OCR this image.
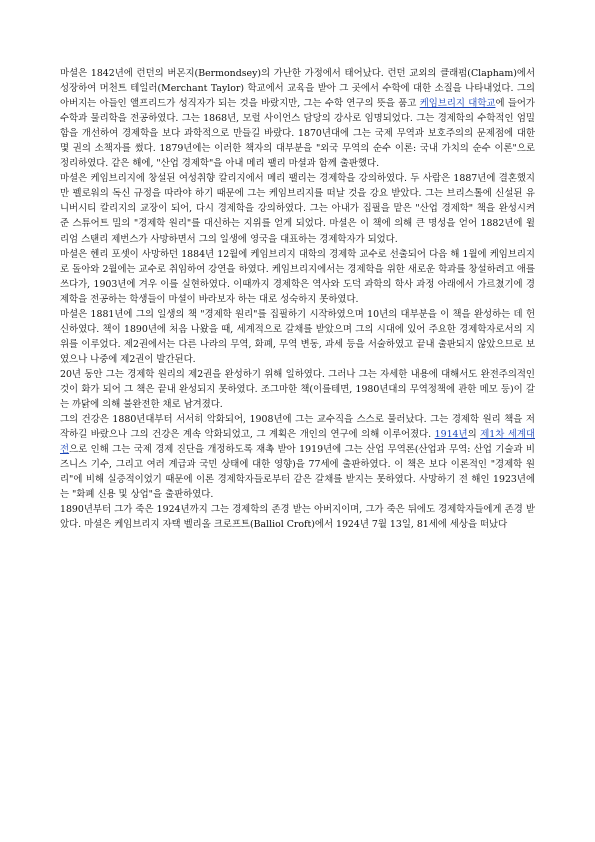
마셜은 1842년에 런던의 버몬지(Bermondsey)의 가난한 가정에서 태어났다. 런던 교외의 클래펌(Clapham)에서 성장하여 머천트 테일러(Merchant Taylor) 학교에서 교육을 받아 그 곳에서 수학에 대한 소질을 나타내었다. 그의 아버지는 아들인 앨프리드가 성직자가 되는 것을 바랐지만, 그는 수학 연구의 뜻을 품고 케임브리지 대학교에 들어가 수학과 물리학을 전공하였다. 그는 1868년, 모럴 사이언스 담당의 강사로 임명되었다. 그는 경제학의 수학적인 엄밀함을 개선하여 경제학을 보다 과학적으로 만들길 바랐다. 1870년대에 그는 국제 무역과 보호주의의 문제점에 대한 몇 권의 소책자를 썼다. 1879년에는 이러한 책자의 대부분을 "외국 무역의 순수 이론: 국내 가치의 순수 이론"으로 정리하였다. 같은 해에, "산업 경제학"을 아내 메리 팰리 마셜과 함께 출판했다.

마셜은 케임브리지에 창설된 여성취향 칼리지에서 메리 팰리는 경제학을 강의하였다. 두 사람은 1887년에 결혼했지만 펠로워의 독신 규정을 따라야 하기 때문에 그는 케임브리지를 떠날 것을 강요 받았다. 그는 브리스톨에 신설된 유니버시티 칼리지의 교장이 되어, 다시 경제학을 강의하였다. 그는 아내가 집필을 맡은 "산업 경제학" 책을 완성시켜 준 스튜어트 밀의 "경제학 원리"를 대신하는 지위를 얻게 되었다. 마셜은 이 책에 의해 큰 명성을 얻어 1882년에 윌리엄 스탠리 제번스가 사망하면서 그의 일생에 영국을 대표하는 경제학자가 되었다.

마셜은 헨리 포셋이 사망하던 1884년 12월에 케임브리지 대학의 경제학 교수로 선출되어 다음 해 1월에 케임브리지로 돌아와 2월에는 교수로 취임하여 강연을 하였다. 케임브리지에서는 경제학을 위한 새로운 학과를 창설하려고 애를 쓰다가, 1903년에 겨우 이를 실현하였다. 이때까지 경제학은 역사와 도덕 과학의 학사 과정 아래에서 가르쳤기에 경제학을 전공하는 학생들이 마셜이 바라보자 하는 대로 성숙하지 못하였다.

마셜은 1881년에 그의 일생의 책 "경제학 원리"를 집필하기 시작하였으며 10년의 대부분을 이 책을 완성하는 데 헌신하였다. 책이 1890년에 처음 나왔을 때, 세계적으로 갈채를 받았으며 그의 시대에 있어 주요한 경제학자로서의 지위를 이루었다. 제2권에서는 다른 나라의 무역, 화폐, 무역 변동, 과세 등을 서술하였고 끝내 출판되지 않았으므로 보였으나 나중에 제2권이 발간된다.

20년 동안 그는 경제학 원리의 제2권을 완성하기 위해 일하였다. 그러나 그는 자세한 내용에 대해서도 완전주의적인 것이 화가 되어 그 책은 끝내 완성되지 못하였다. 조그마한 책(이를테면, 1980년대의 무역정책에 관한 메모 등)이 갈는 까닭에 의해 불완전한 채로 남겨졌다.

그의 건강은 1880년대부터 서서히 악화되어, 1908년에 그는 교수직을 스스로 물러났다. 그는 경제학 원리 책을 저작하길 바랐으나 그의 건강은 계속 악화되었고, 그 계획은 개인의 연구에 의해 이루어졌다. 1914년의 제1차 세계대전으로 인해 그는 국제 경제 진단을 개정하도록 재촉 받아 1919년에 그는 산업 무역론(산업과 무역: 산업 기술과 비즈니스 기수, 그리고 여러 계급과 국민 상태에 대한 영향)을 77세에 출판하였다. 이 책은 보다 이론적인 "경제학 원리"에 비해 실증적이었기 때문에 이론 경제학자들로부터 같은 갈채를 받지는 못하였다. 사망하기 전 해인 1923년에는 "화폐 신용 및 상업"을 출판하였다.

1890년부터 그가 죽은 1924년까지 그는 경제학의 존경 받는 아버지이며, 그가 죽은 뒤에도 경제학자들에게 존경 받았다. 마셜은 케임브리지 자택 벨리올 크로프트(Balliol Croft)에서 1924년 7월 13일, 81세에 세상을 떠났다
